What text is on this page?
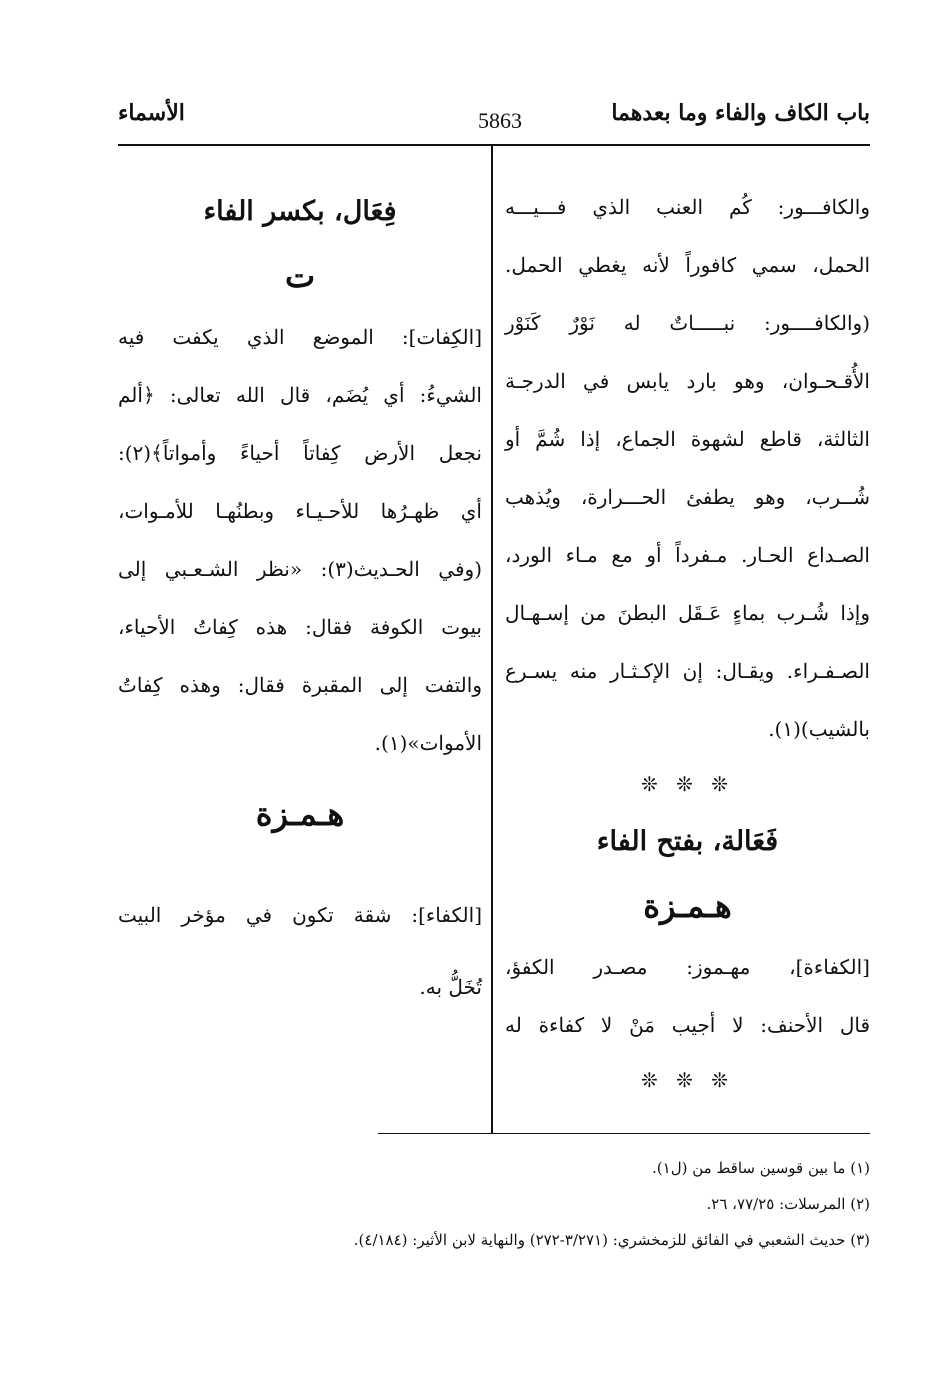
باب الكاف والفاء وما بعدهما
5863
الأسماء
والكافـــور: كُم العنب الذي فـــيـــه
الحمل، سمي كافوراً لأنه يغطي الحمل.
(والكافــــور: نبـــــاتٌ له نَوْرٌ كَنَوْر
الأُقـحـوان، وهو بارد يابس في الدرجـة
الثالثة، قاطع لشهوة الجماع، إذا شُمَّ أو
شُــرب، وهو يطفئ الحـــرارة، ويُذهب
الصـداع الحـار. مـفرداً أو مع مـاء الورد،
وإذا شُـرب بماءٍ عَـقَل البطنَ من إسـهـال
الصـفـراء. ويقـال: إن الإكـثـار منه يسـرع
بالشيب)(١).
❊ ❊ ❊
فَعَالة، بفتح الفاء
هـمـزة
[الكفاءة]، مهـموز: مصـدر الكفؤ،
قال الأحنف: لا أجيب مَنْ لا كفاءة له
❊ ❊ ❊
فِعَال، بكسر الفاء
ت
[الكِفات]: الموضع الذي يكفت فيه
الشيءُ: أي يُضَم، قال الله تعالى: ﴿ألم
نجعل الأرض كِفاتاً أحياءً وأمواتاً﴾(٢):
أي ظهـرُها للأحـيـاء وبطنُهـا للأمـوات،
(وفي الحـديث(٣): «نظر الشـعـبي إلى
بيوت الكوفة فقال: هذه كِفاتُ الأحياء،
والتفت إلى المقبرة فقال: وهذه كِفاتُ
الأموات»(١).
هـمـزة
[الكفاء]: شقة تكون في مؤخر البيت
تُخَلُّ به.
(١) ما بين قوسين ساقط من (ل١).
(٢) المرسلات: ٧٧/٢٥، ٢٦.
(٣) حديث الشعبي في الفائق للزمخشري: (٣/٢٧١-٢٧٢) والنهاية لابن الأثير: (٤/١٨٤).
